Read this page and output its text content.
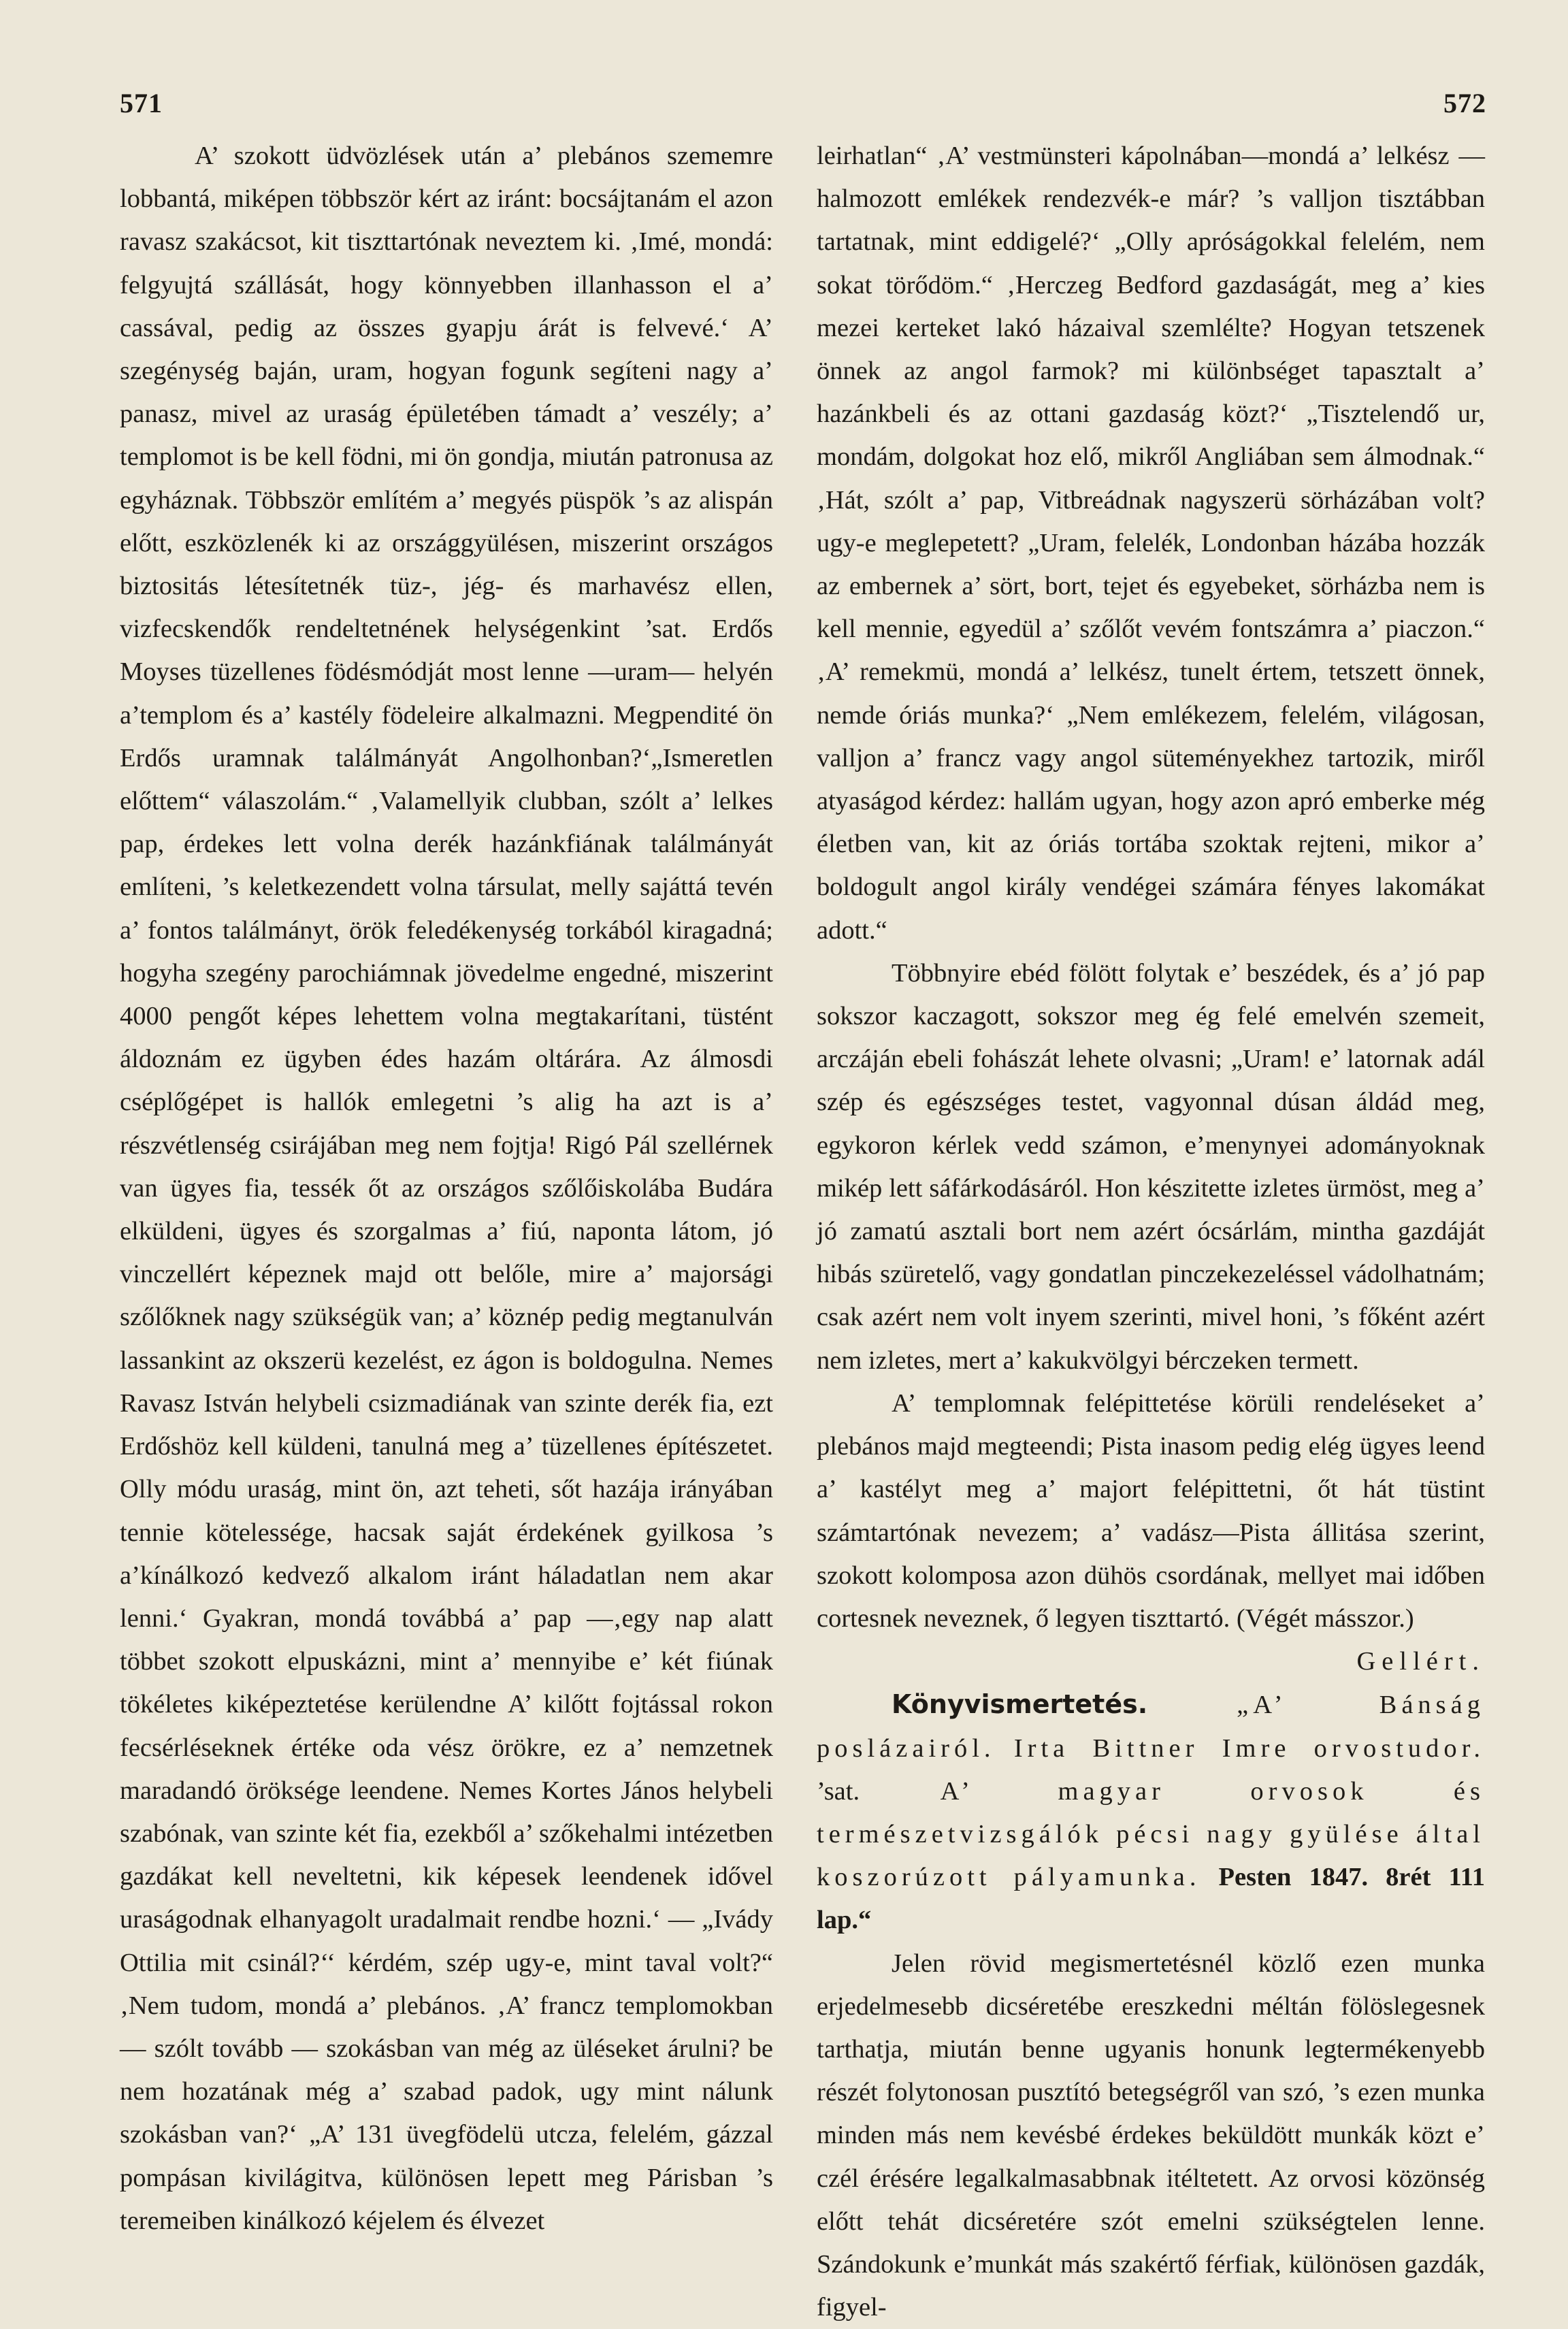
571	572

A’ szokott üdvözlések után a’ plebános szememre lobbantá, miképen többször kért az iránt: bocsájtanám el azon ravasz szakácsot, kit tiszttartónak neveztem ki. ‚Imé, mondá: felgyujtá szállását, hogy könnyebben illanhasson el a’ cassával, pedig az összes gyapju árát is felvevé.‘ A’ szegénység baján, uram, hogyan fogunk segíteni nagy a’ panasz, mivel az uraság épületében támadt a’ veszély; a’ templomot is be kell födni, mi ön gondja, miután patronusa az egyháznak. Többször említém a’ megyés püspök ’s az alispán előtt, eszközlenék ki az országgyülésen, miszerint országos biztositás létesítetnék tüz-, jég- és marhavész ellen, vizfecskendők rendeltetnének helységenkint ’sat. Erdős Moyses tüzellenes födésmódját most lenne —uram— helyén a’templom és a’ kastély födeleire alkalmazni. Megpendité ön Erdős uramnak találmányát Angolhonban?‘„Ismeretlen előttem“ válaszolám.“ ‚Valamellyik clubban, szólt a’ lelkes pap, érdekes lett volna derék hazánkfiának találmányát említeni, ’s keletkezendett volna társulat, melly sajáttá tevén a’ fontos találmányt, örök feledékenység torkából kiragadná; hogyha szegény parochiámnak jövedelme engedné, miszerint 4000 pengőt képes lehettem volna megtakarítani, tüstént áldoznám ez ügyben édes hazám oltárára. Az álmosdi cséplőgépet is hallók emlegetni ’s alig ha azt is a’ részvétlenség csirájában meg nem fojtja! Rigó Pál szellérnek van ügyes fia, tessék őt az országos szőlőiskolába Budára elküldeni, ügyes és szorgalmas a’ fiú, naponta látom, jó vinczellért képeznek majd ott belőle, mire a’ majorsági szőlőknek nagy szükségük van; a’ köznép pedig megtanulván lassankint az okszerü kezelést, ez ágon is boldogulna. Nemes Ravasz István helybeli csizmadiának van szinte derék fia, ezt Erdőshöz kell küldeni, tanulná meg a’ tüzellenes építészetet. Olly módu uraság, mint ön, azt teheti, sőt hazája irányában tennie kötelessége, hacsak saját érdekének gyilkosa ’s a’kínálkozó kedvező alkalom iránt háladatlan nem akar lenni.‘ Gyakran, mondá továbbá a’ pap —‚egy nap alatt többet szokott elpuskázni, mint a’ mennyibe e’ két fiúnak tökéletes kiképeztetése kerülendne A’ kilőtt fojtással rokon fecsérléseknek értéke oda vész örökre, ez a’ nemzetnek maradandó öröksége leendene. Nemes Kortes János helybeli szabónak, van szinte két fia, ezekből a’ szőkehalmi intézetben gazdákat kell neveltetni, kik képesek leendenek idővel uraságodnak elhanyagolt uradalmait rendbe hozni.‘ — „Ivády Ottilia mit csinál?‘‘ kérdém, szép ugy-e, mint taval volt?“ ‚Nem tudom, mondá a’ plebános. ‚A’ francz templomokban — szólt tovább — szokásban van még az üléseket árulni? be nem hozatának még a’ szabad padok, ugy mint nálunk szokásban van?‘ „A’ 131 üvegfödelü utcza, felelém, gázzal pompásan kivilágitva, különösen lepett meg Párisban ’s teremeiben kinálkozó kéjelem és élvezet

leirhatlan“ ‚A’ vestmünsteri kápolnában—mondá a’ lelkész — halmozott emlékek rendezvék-e már? ’s valljon tisztábban tartatnak, mint eddigelé?‘ „Olly apróságokkal felelém, nem sokat törődöm.“ ‚Herczeg Bedford gazdaságát, meg a’ kies mezei kerteket lakó házaival szemlélte? Hogyan tetszenek önnek az angol farmok? mi különbséget tapasztalt a’ hazánkbeli és az ottani gazdaság közt?‘ „Tisztelendő ur, mondám, dolgokat hoz elő, mikről Angliában sem álmodnak.“ ‚Hát, szólt a’ pap, Vitbreádnak nagyszerü sörházában volt? ugy-e meglepetett? „Uram, felelék, Londonban házába hozzák az embernek a’ sört, bort, tejet és egyebeket, sörházba nem is kell mennie, egyedül a’ szőlőt vevém fontszámra a’ piaczon.“ ‚A’ remekmü, mondá a’ lelkész, tunelt értem, tetszett önnek, nemde óriás munka?‘ „Nem emlékezem, felelém, világosan, valljon a’ francz vagy angol süteményekhez tartozik, miről atyaságod kérdez: hallám ugyan, hogy azon apró emberke még életben van, kit az óriás tortába szoktak rejteni, mikor a’ boldogult angol király vendégei számára fényes lakomákat adott.“

Többnyire ebéd fölött folytak e’ beszédek, és a’ jó pap sokszor kaczagott, sokszor meg ég felé emelvén szemeit, arczáján ebeli fohászát lehete olvasni; „Uram! e’ latornak adál szép és egészséges testet, vagyonnal dúsan áldád meg, egykoron kérlek vedd számon, e’menynyei adományoknak mikép lett sáfárkodásáról. Hon készitette izletes ürmöst, meg a’ jó zamatú asztali bort nem azért ócsárlám, mintha gazdáját hibás szüretelő, vagy gondatlan pinczekezeléssel vádolhatnám; csak azért nem volt inyem szerinti, mivel honi, ’s főként azért nem izletes, mert a’ kakukvölgyi bérczeken termett.

A’ templomnak felépittetése körüli rendeléseket a’ plebános majd megteendi; Pista inasom pedig elég ügyes leend a’ kastélyt meg a’ majort felépittetni, őt hát tüstint számtartónak nevezem; a’ vadász—Pista állitása szerint, szokott kolomposa azon dühös csordának, mellyet mai időben cortesnek neveznek, ő legyen tiszttartó. (Végét másszor.)
Gellért.

Könyvismertetés.	„A’ Bánság poslázairól. Irta Bittner Imre orvostudor. ’sat.	A’ magyar orvosok és természetvizsgálók pécsi nagy gyülése által koszorúzott pályamunka. Pesten 1847. 8rét 111 lap.“

Jelen rövid megismertetésnél közlő ezen munka erjedelmesebb dicséretébe ereszkedni méltán fölöslegesnek tarthatja, miután benne ugyanis honunk legtermékenyebb részét folytonosan pusztító betegségről van szó, ’s ezen munka minden más nem kevésbé érdekes beküldött munkák közt e’ czél érésére legalkalmasabbnak itéltetett. Az orvosi közönség előtt tehát dicséretére szót emelni szükségtelen lenne. Szándokunk e’munkát más szakértő férfiak, különösen gazdák, figyel-
